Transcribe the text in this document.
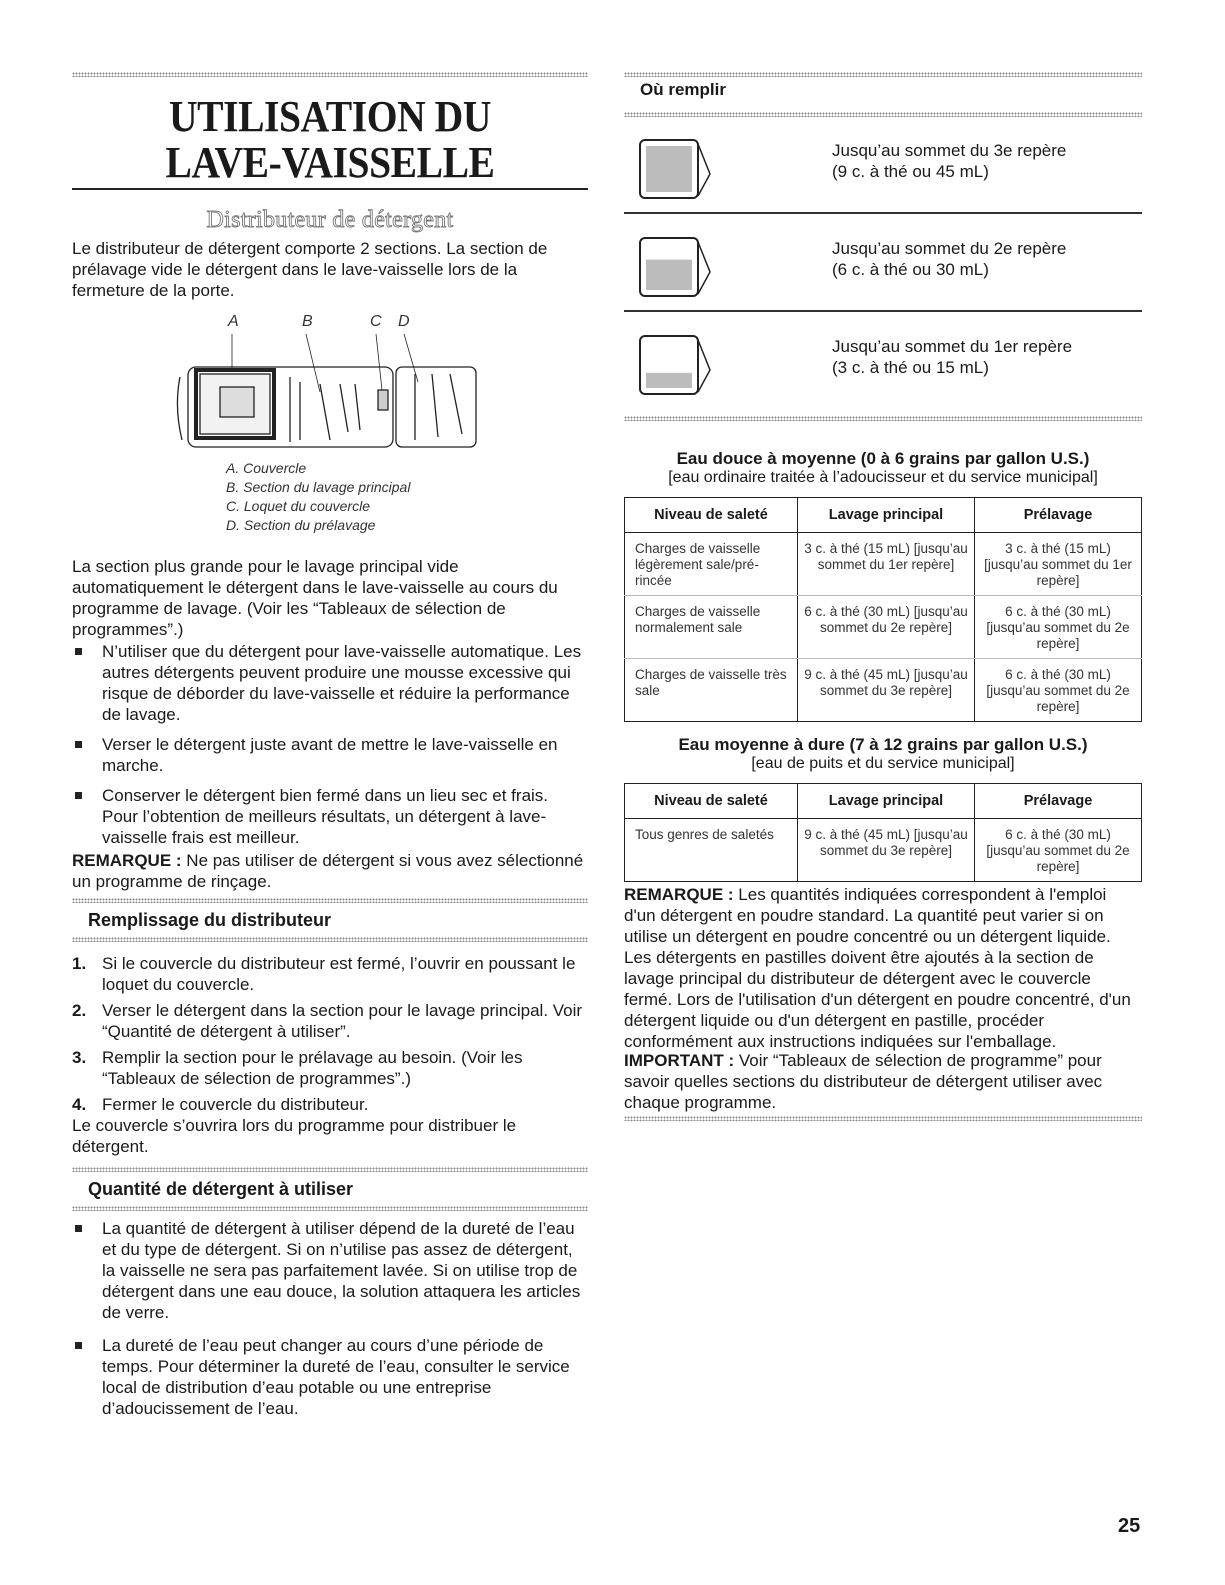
UTILISATION DU
LAVE-VAISSELLE
Distributeur de détergent

Le distributeur de détergent comporte 2 sections. La section de prélavage vide le détergent dans le lave-vaisselle lors de la fermeture de la porte.

A	B	C D
A. Couvercle
B. Section du lavage principal
C. Loquet du couvercle
D. Section du prélavage

La section plus grande pour le lavage principal vide automatiquement le détergent dans le lave-vaisselle au cours du programme de lavage. (Voir les “Tableaux de sélection de programmes”.)

N’utiliser que du détergent pour lave-vaisselle automatique. Les autres détergents peuvent produire une mousse excessive qui risque de déborder du lave-vaisselle et réduire la performance de lavage.
Verser le détergent juste avant de mettre le lave-vaisselle en marche.
Conserver le détergent bien fermé dans un lieu sec et frais. Pour l’obtention de meilleurs résultats, un détergent à lave-vaisselle frais est meilleur.

REMARQUE : Ne pas utiliser de détergent si vous avez sélectionné un programme de rinçage.

Remplissage du distributeur
1. Si le couvercle du distributeur est fermé, l’ouvrir en poussant le loquet du couvercle.
2. Verser le détergent dans la section pour le lavage principal. Voir “Quantité de détergent à utiliser”.
3. Remplir la section pour le prélavage au besoin. (Voir les “Tableaux de sélection de programmes”.)
4. Fermer le couvercle du distributeur.

Le couvercle s’ouvrira lors du programme pour distribuer le détergent.

Quantité de détergent à utiliser
La quantité de détergent à utiliser dépend de la dureté de l’eau et du type de détergent. Si on n’utilise pas assez de détergent, la vaisselle ne sera pas parfaitement lavée. Si on utilise trop de détergent dans une eau douce, la solution attaquera les articles de verre.
La dureté de l’eau peut changer au cours d’une période de temps. Pour déterminer la dureté de l’eau, consulter le service local de distribution d’eau potable ou une entreprise d’adoucissement de l’eau.
Où remplir
Jusqu’au sommet du 3e repère
(9 c. à thé ou 45 mL)
Jusqu’au sommet du 2e repère
(6 c. à thé ou 30 mL)
Jusqu’au sommet du 1er repère
(3 c. à thé ou 15 mL)
Eau douce à moyenne (0 à 6 grains par gallon U.S.)
[eau ordinaire traitée à l’adoucisseur et du service municipal]
Niveau de saleté	Lavage principal	Prélavage
Charges de vaisselle légèrement sale/pré-rincée	3 c. à thé (15 mL) [jusqu’au sommet du 1er repère]	3 c. à thé (15 mL) [jusqu’au sommet du 1er repère]
Charges de vaisselle normalement sale	6 c. à thé (30 mL) [jusqu’au sommet du 2e repère]	6 c. à thé (30 mL) [jusqu’au sommet du 2e repère]
Charges de vaisselle très sale	9 c. à thé (45 mL) [jusqu’au sommet du 3e repère]	6 c. à thé (30 mL) [jusqu’au sommet du 2e repère]
Eau moyenne à dure (7 à 12 grains par gallon U.S.)
[eau de puits et du service municipal]
Niveau de saleté	Lavage principal	Prélavage
Tous genres de saletés	9 c. à thé (45 mL) [jusqu’au sommet du 3e repère]	6 c. à thé (30 mL) [jusqu’au sommet du 2e repère]

REMARQUE : Les quantités indiquées correspondent à l'emploi d'un détergent en poudre standard. La quantité peut varier si on utilise un détergent en poudre concentré ou un détergent liquide. Les détergents en pastilles doivent être ajoutés à la section de lavage principal du distributeur de détergent avec le couvercle fermé. Lors de l'utilisation d'un détergent en poudre concentré, d'un détergent liquide ou d'un détergent en pastille, procéder conformément aux instructions indiquées sur l'emballage.

IMPORTANT : Voir “Tableaux de sélection de programme” pour savoir quelles sections du distributeur de détergent utiliser avec chaque programme.

25
